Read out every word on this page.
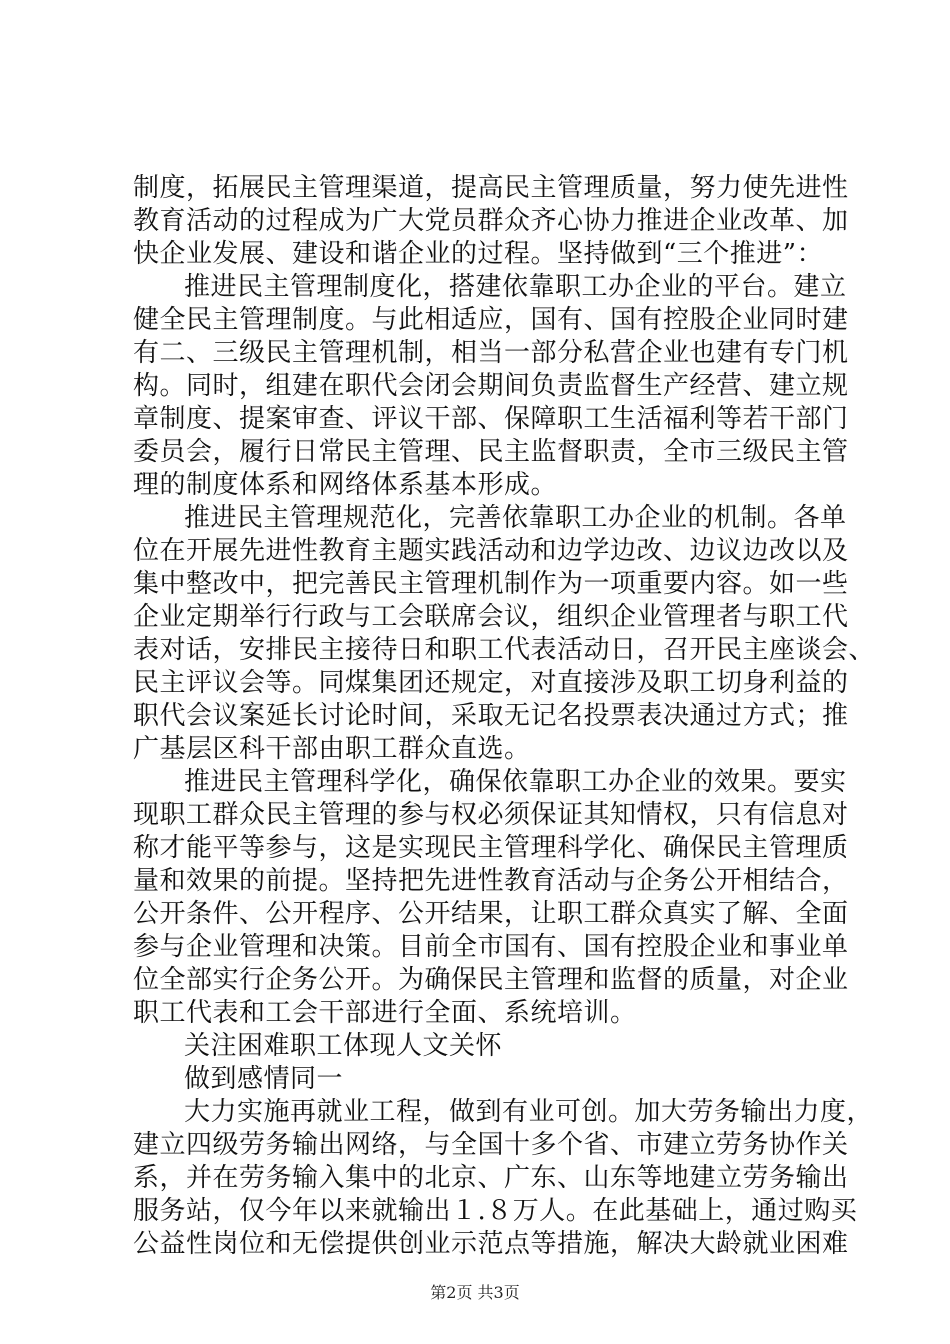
制度，拓展民主管理渠道，提高民主管理质量，努力使先进性
教育活动的过程成为广大党员群众齐心协力推进企业改革、加
快企业发展、建设和谐企业的过程。坚持做到“三个推进”：
推进民主管理制度化，搭建依靠职工办企业的平台。建立
健全民主管理制度。与此相适应，国有、国有控股企业同时建
有二、三级民主管理机制，相当一部分私营企业也建有专门机
构。同时，组建在职代会闭会期间负责监督生产经营、建立规
章制度、提案审查、评议干部、保障职工生活福利等若干部门
委员会，履行日常民主管理、民主监督职责，全市三级民主管
理的制度体系和网络体系基本形成。
推进民主管理规范化，完善依靠职工办企业的机制。各单
位在开展先进性教育主题实践活动和边学边改、边议边改以及
集中整改中，把完善民主管理机制作为一项重要内容。如一些
企业定期举行行政与工会联席会议，组织企业管理者与职工代
表对话，安排民主接待日和职工代表活动日，召开民主座谈会、
民主评议会等。同煤集团还规定，对直接涉及职工切身利益的
职代会议案延长讨论时间，采取无记名投票表决通过方式；推
广基层区科干部由职工群众直选。
推进民主管理科学化，确保依靠职工办企业的效果。要实
现职工群众民主管理的参与权必须保证其知情权，只有信息对
称才能平等参与，这是实现民主管理科学化、确保民主管理质
量和效果的前提。坚持把先进性教育活动与企务公开相结合，
公开条件、公开程序、公开结果，让职工群众真实了解、全面
参与企业管理和决策。目前全市国有、国有控股企业和事业单
位全部实行企务公开。为确保民主管理和监督的质量，对企业
职工代表和工会干部进行全面、系统培训。
关注困难职工体现人文关怀
做到感情同一
大力实施再就业工程，做到有业可创。加大劳务输出力度，
建立四级劳务输出网络，与全国十多个省、市建立劳务协作关
系，并在劳务输入集中的北京、广东、山东等地建立劳务输出
服务站，仅今年以来就输出１.８万人。在此基础上，通过购买
公益性岗位和无偿提供创业示范点等措施，解决大龄就业困难
第2页 共3页
